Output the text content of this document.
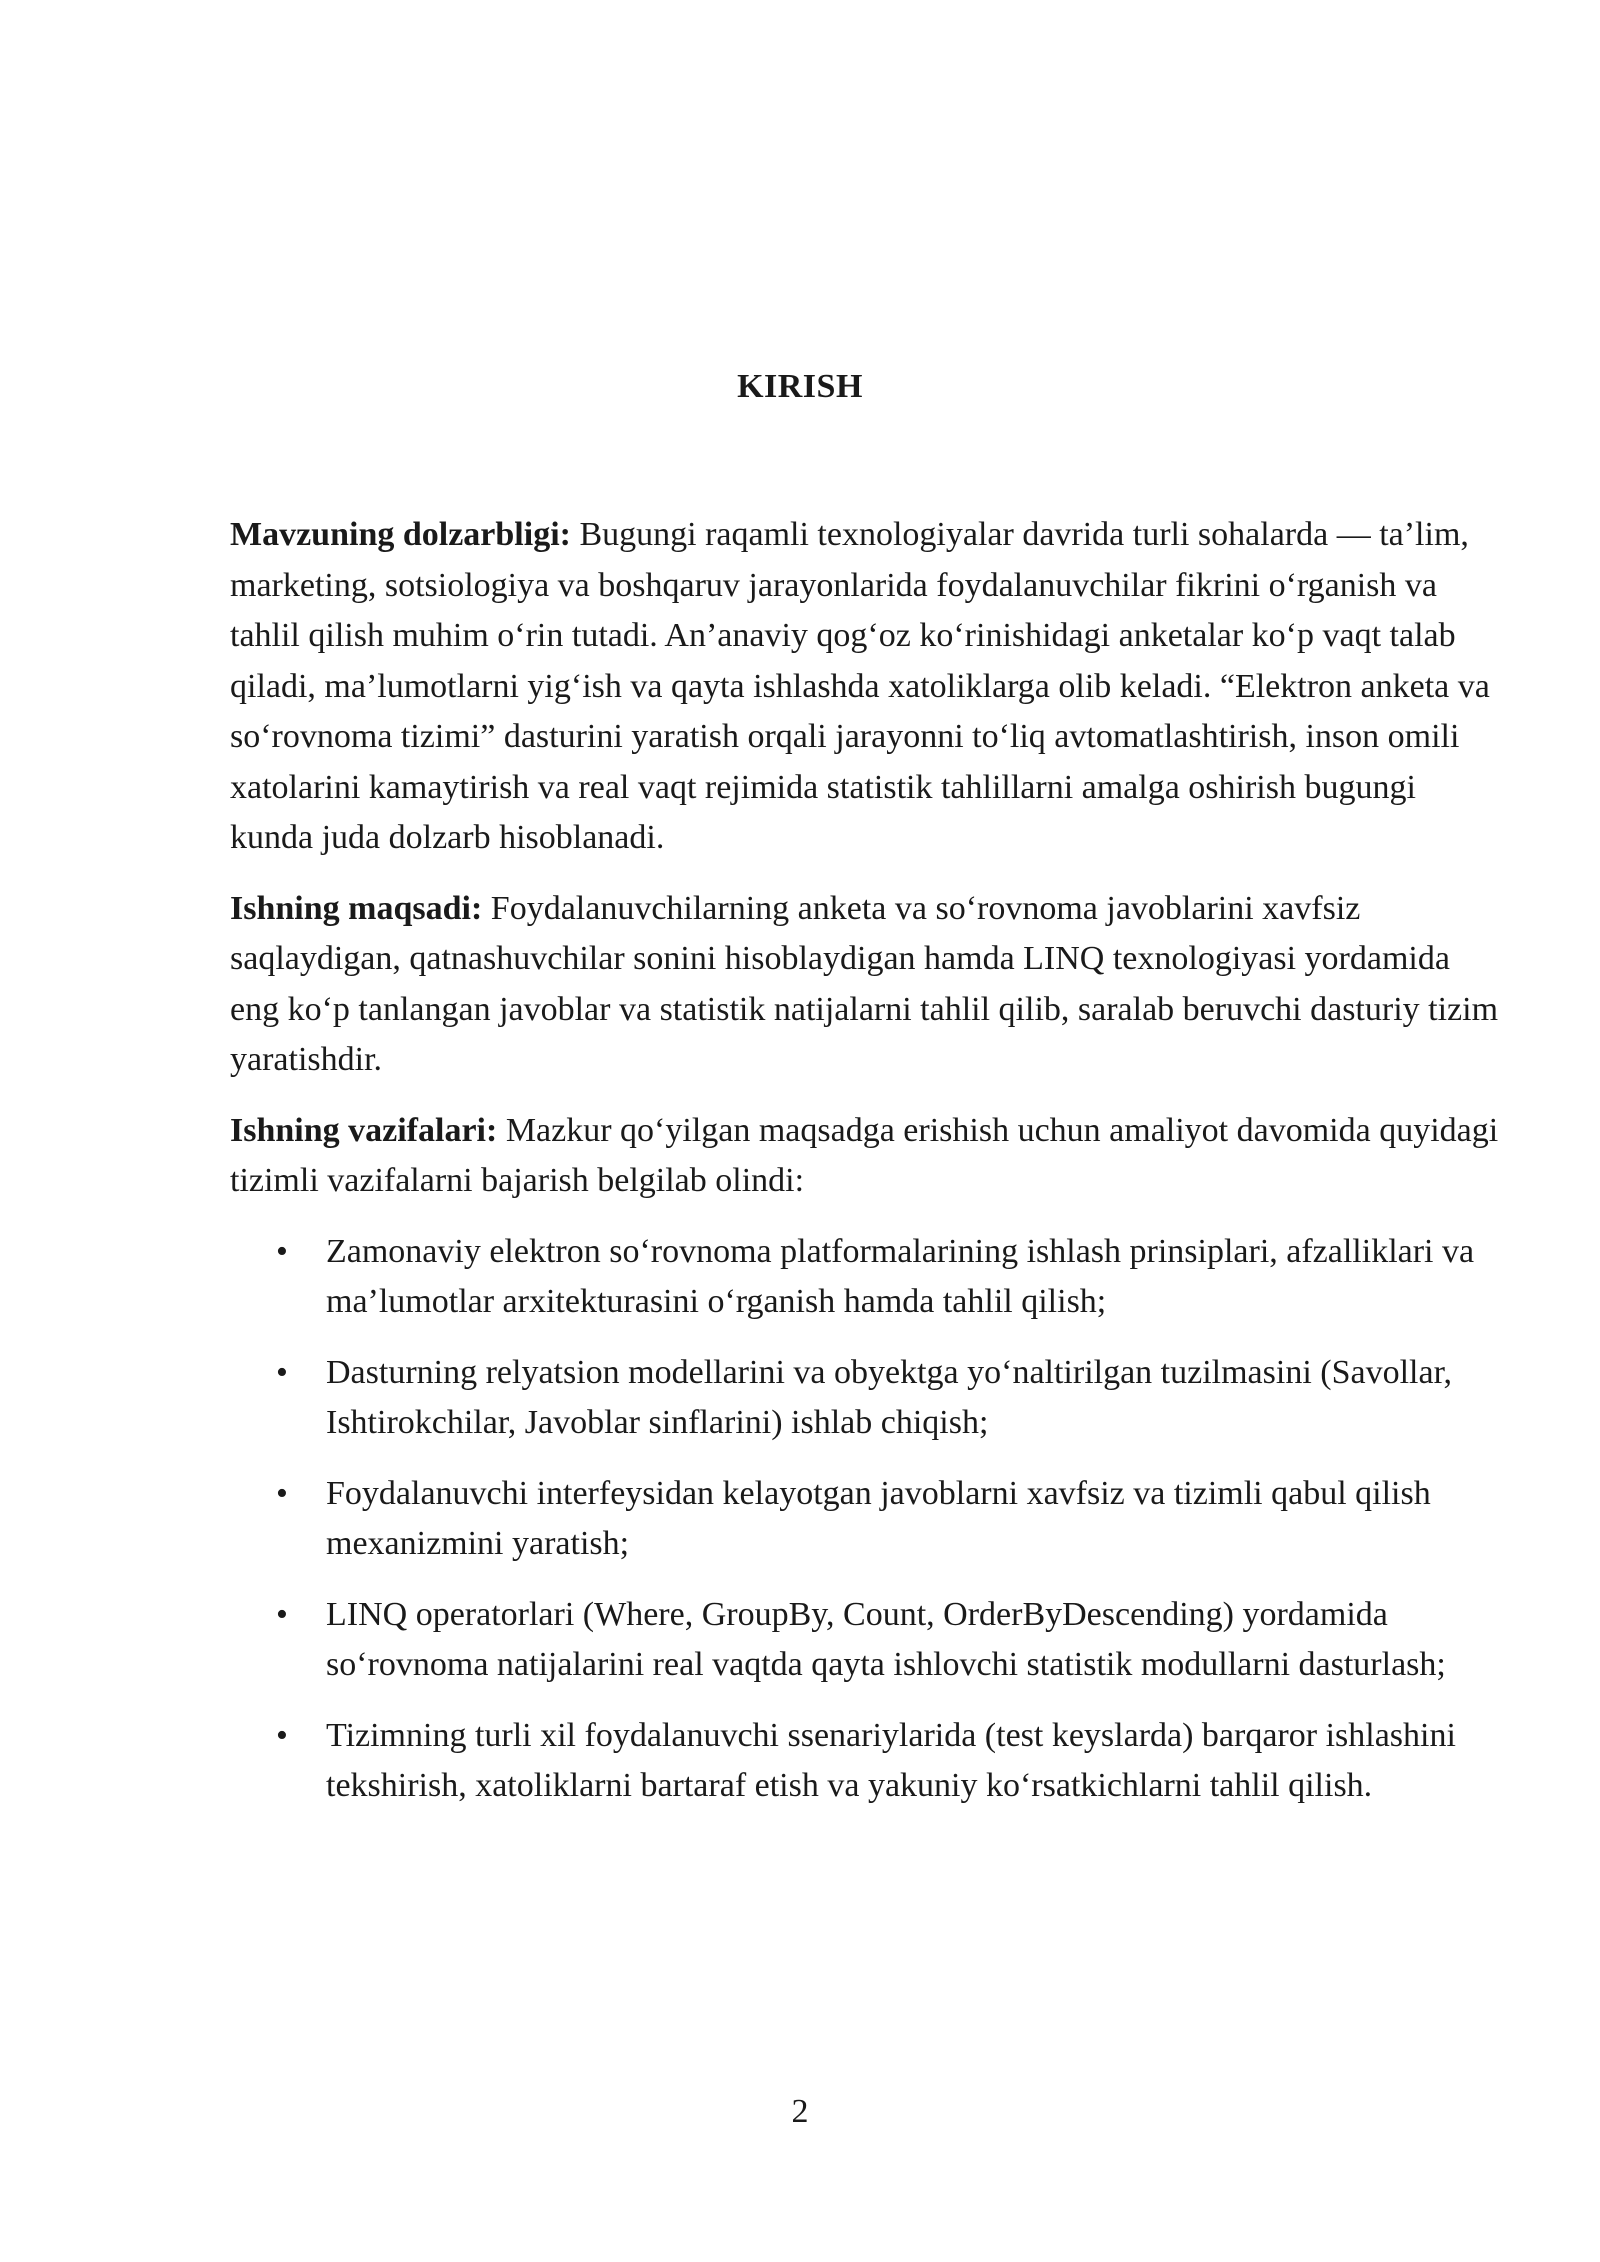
KIRISH

Mavzuning dolzarbligi: Bugungi raqamli texnologiyalar davrida turli sohalarda — ta’lim, marketing, sotsiologiya va boshqaruv jarayonlarida foydalanuvchilar fikrini o‘rganish va tahlil qilish muhim o‘rin tutadi. An’anaviy qog‘oz ko‘rinishidagi anketalar ko‘p vaqt talab qiladi, ma’lumotlarni yig‘ish va qayta ishlashda xatoliklarga olib keladi. “Elektron anketa va so‘rovnoma tizimi” dasturini yaratish orqali jarayonni to‘liq avtomatlashtirish, inson omili xatolarini kamaytirish va real vaqt rejimida statistik tahlillarni amalga oshirish bugungi kunda juda dolzarb hisoblanadi.

Ishning maqsadi: Foydalanuvchilarning anketa va so‘rovnoma javoblarini xavfsiz saqlaydigan, qatnashuvchilar sonini hisoblaydigan hamda LINQ texnologiyasi yordamida eng ko‘p tanlangan javoblar va statistik natijalarni tahlil qilib, saralab beruvchi dasturiy tizim yaratishdir.

Ishning vazifalari: Mazkur qo‘yilgan maqsadga erishish uchun amaliyot davomida quyidagi tizimli vazifalarni bajarish belgilab olindi:

• Zamonaviy elektron so‘rovnoma platformalarining ishlash prinsiplari, afzalliklari va ma’lumotlar arxitekturasini o‘rganish hamda tahlil qilish;
• Dasturning relyatsion modellarini va obyektga yo‘naltirilgan tuzilmasini (Savollar, Ishtirokchilar, Javoblar sinflarini) ishlab chiqish;
• Foydalanuvchi interfeysidan kelayotgan javoblarni xavfsiz va tizimli qabul qilish mexanizmini yaratish;
• LINQ operatorlari (Where, GroupBy, Count, OrderByDescending) yordamida so‘rovnoma natijalarini real vaqtda qayta ishlovchi statistik modullarni dasturlash;
• Tizimning turli xil foydalanuvchi ssenariylarida (test keyslarda) barqaror ishlashini tekshirish, xatoliklarni bartaraf etish va yakuniy ko‘rsatkichlarni tahlil qilish.

2
